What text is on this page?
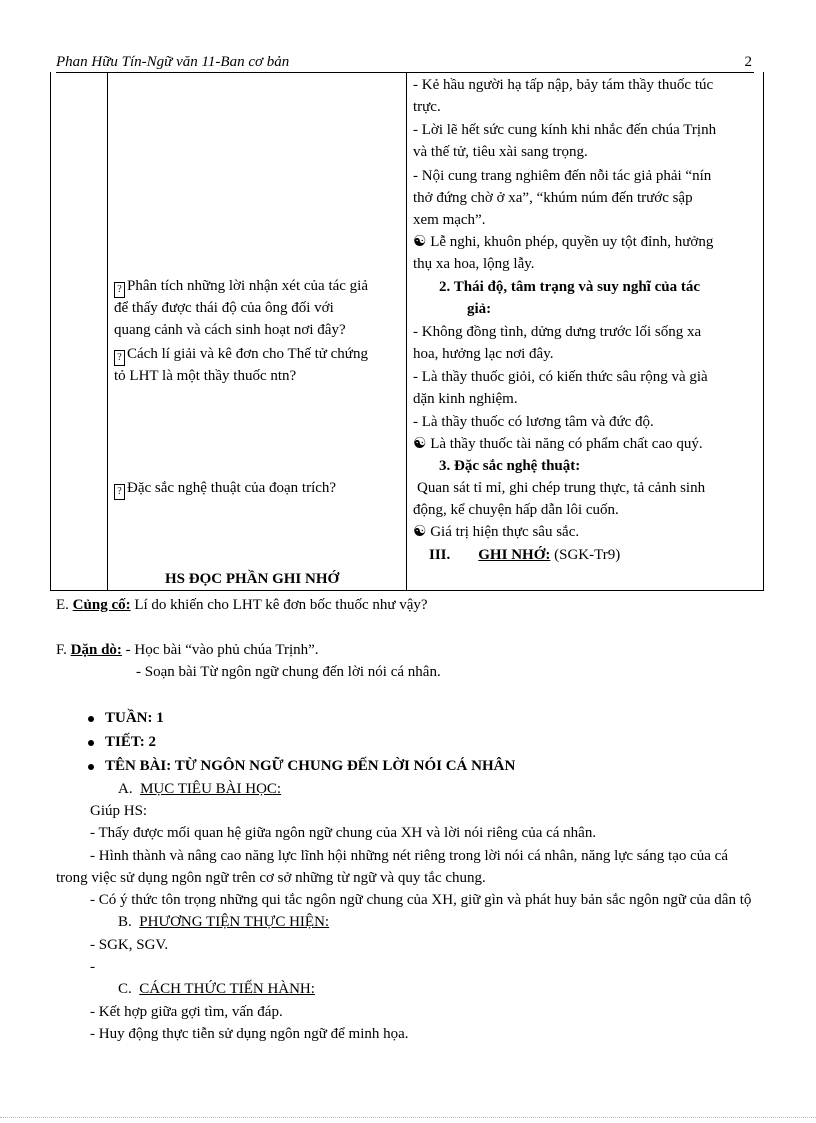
Phan Hữu Tín-Ngữ văn 11-Ban cơ bản	2
? Phân tích những lời nhận xét của tác giả
để thấy được thái độ của ông đối với
quang cảnh và cách sinh hoạt nơi đây?
? Cách lí giải và kê đơn cho Thế tử chứng
tỏ LHT là một thầy thuốc ntn?
? Đặc sắc nghệ thuật của đoạn trích?
HS ĐỌC PHẦN GHI NHỚ
- Kẻ hầu người hạ tấp nập, bảy tám thầy thuốc túc
trực.
- Lời lẽ hết sức cung kính khi nhắc đến chúa Trịnh
và thế tử, tiêu xài sang trọng.
- Nội cung trang nghiêm đến nỗi tác giả phải “nín
thở đứng chờ ở xa”, “khúm núm đến trước sập
xem mạch”.
☯ Lễ nghi, khuôn phép, quyền uy tột đỉnh, hưởng
thụ xa hoa, lộng lẫy.
2. Thái độ, tâm trạng và suy nghĩ của tác
giả:
- Không đồng tình, dửng dưng trước lối sống xa
hoa, hưởng lạc nơi đây.
- Là thầy thuốc giỏi, có kiến thức sâu rộng và già
dặn kinh nghiệm.
- Là thầy thuốc có lương tâm và đức độ.
☯ Là thầy thuốc tài năng có phẩm chất cao quý.
3. Đặc sắc nghệ thuật:
Quan sát tỉ mỉ, ghi chép trung thực, tả cảnh sinh
động, kể chuyện hấp dẫn lôi cuốn.
☯ Giá trị hiện thực sâu sắc.
III. GHI NHỚ: (SGK-Tr9)
E. Củng cố: Lí do khiến cho LHT kê đơn bốc thuốc như vậy?
F. Dặn dò: - Học bài “vào phủ chúa Trịnh”.
- Soạn bài Từ ngôn ngữ chung đến lời nói cá nhân.
TUẦN: 1
TIẾT: 2
TÊN BÀI: TỪ NGÔN NGỮ CHUNG ĐẾN LỜI NÓI CÁ NHÂN
A. MỤC TIÊU BÀI HỌC:
Giúp HS:
- Thấy được mối quan hệ giữa ngôn ngữ chung của XH và lời nói riêng của cá nhân.
- Hình thành và nâng cao năng lực lĩnh hội những nét riêng trong lời nói cá nhân, năng lực sáng tạo của cá
trong việc sử dụng ngôn ngữ trên cơ sở những từ ngữ và quy tắc chung.
- Có ý thức tôn trọng những qui tắc ngôn ngữ chung của XH, giữ gìn và phát huy bản sắc ngôn ngữ của dân tộ
B. PHƯƠNG TIỆN THỰC HIỆN:
- SGK, SGV.
-
C. CÁCH THỨC TIẾN HÀNH:
- Kết hợp giữa gợi tìm, vấn đáp.
- Huy động thực tiễn sử dụng ngôn ngữ để minh họa.
